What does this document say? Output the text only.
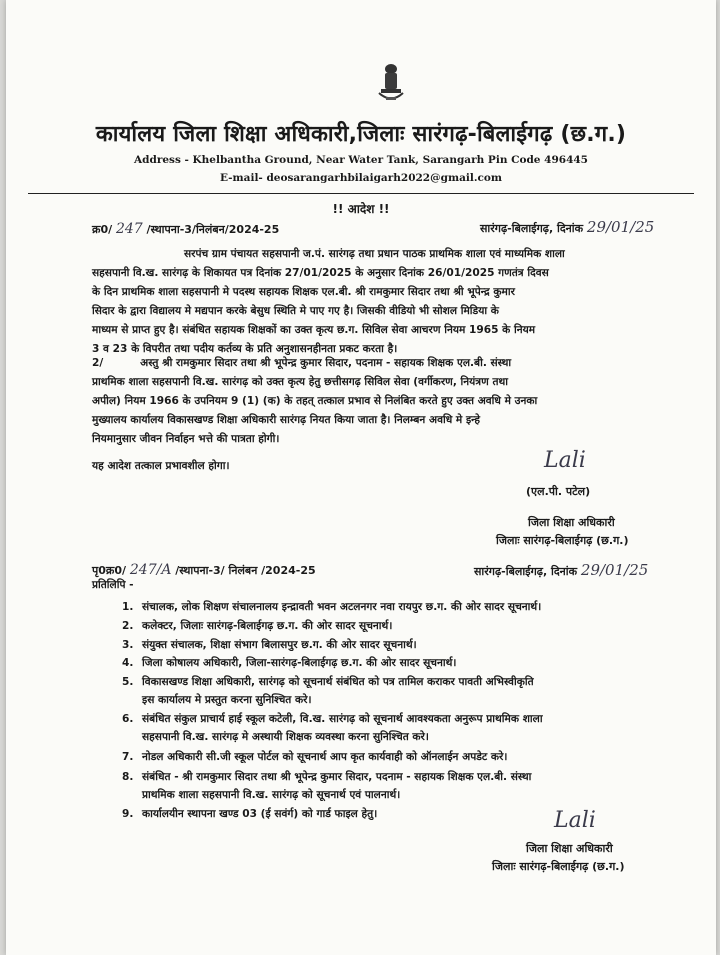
कार्यालय जिला शिक्षा अधिकारी,जिलाः सारंगढ़-बिलाईगढ़ (छ.ग.)
Address - Khelbantha Ground, Near Water Tank, Sarangarh Pin Code 496445
E-mail- deosarangarhbilaigarh2022@gmail.com
!! आदेश !!
क्र0/ 247 /स्थापना-3/निलंबन/2024-25	सारंगढ़-बिलाईगढ़, दिनांक 29/01/25
सरपंच ग्राम पंचायत सहसपानी ज.पं. सारंगढ़ तथा प्रधान पाठक प्राथमिक शाला एवं माध्यमिक शाला
सहसपानी वि.ख. सारंगढ़ के शिकायत पत्र दिनांक 27/01/2025 के अनुसार दिनांक 26/01/2025 गणतंत्र दिवस
के दिन प्राथमिक शाला सहसपानी मे पदस्थ सहायक शिक्षक एल.बी. श्री रामकुमार सिदार तथा श्री भूपेन्द्र कुमार
सिदार के द्वारा विद्यालय मे मद्यपान करके बेसुध स्थिति मे पाए गए है। जिसकी वीडियो भी सोशल मिडिया के
माध्यम से प्राप्त हुए है। संबंधित सहायक शिक्षकों का उक्त कृत्य छ.ग. सिविल सेवा आचरण नियम 1965 के नियम
3 व 23 के विपरीत तथा पदीय कर्तव्य के प्रति अनुशासनहीनता प्रकट करता है।
2/          अस्तु श्री रामकुमार सिदार तथा श्री भूपेन्द्र कुमार सिदार, पदनाम - सहायक शिक्षक एल.बी. संस्था
प्राथमिक शाला सहसपानी वि.ख. सारंगढ़ को उक्त कृत्य हेतु छत्तीसगढ़ सिविल सेवा (वर्गीकरण, नियंत्रण तथा
अपील) नियम 1966 के उपनियम 9 (1) (क) के तहत् तत्काल प्रभाव से निलंबित करते हुए उक्त अवधि मे उनका
मुख्यालय कार्यालय विकासखण्ड शिक्षा अधिकारी सारंगढ़ नियत किया जाता है। निलम्बन अवधि मे इन्हे
नियमानुसार जीवन निर्वाहन भत्ते की पात्रता होगी।
यह आदेश तत्काल प्रभावशील होगा।	Lali
(एल.पी. पटेल)
जिला शिक्षा अधिकारी
जिलाः सारंगढ़-बिलाईगढ़ (छ.ग.)
पृ0क्र0/ 247/A /स्थापना-3/ निलंबन /2024-25	सारंगढ़-बिलाईगढ़, दिनांक 29/01/25
प्रतिलिपि -
1. संचालक, लोक शिक्षण संचालनालय इन्द्रावती भवन अटलनगर नवा रायपुर छ.ग. की ओर सादर सूचनार्थ।
2. कलेक्टर, जिलाः सारंगढ़-बिलाईगढ़ छ.ग. की ओर सादर सूचनार्थ।
3. संयुक्त संचालक, शिक्षा संभाग बिलासपुर छ.ग. की ओर सादर सूचनार्थ।
4. जिला कोषालय अधिकारी, जिला-सारंगढ़-बिलाईगढ़ छ.ग. की ओर सादर सूचनार्थ।
5. विकासखण्ड शिक्षा अधिकारी, सारंगढ़ को सूचनार्थ संबंधित को पत्र तामिल कराकर पावती अभिस्वीकृति
इस कार्यालय मे प्रस्तुत करना सुनिश्चित करे।
6. संबंधित संकुल प्राचार्य हाई स्कूल कटेली, वि.ख. सारंगढ़ को सूचनार्थ आवश्यकता अनुरूप प्राथमिक शाला
सहसपानी वि.ख. सारंगढ़ मे अस्थायी शिक्षक व्यवस्था करना सुनिश्चित करे।
7. नोडल अधिकारी सी.जी स्कूल पोर्टल को सूचनार्थ आप कृत कार्यवाही को ऑनलाईन अपडेट करे।
8. संबंधित - श्री रामकुमार सिदार तथा श्री भूपेन्द्र कुमार सिदार, पदनाम - सहायक शिक्षक एल.बी. संस्था
प्राथमिक शाला सहसपानी वि.ख. सारंगढ़ को सूचनार्थ एवं पालनार्थ।
9. कार्यालयीन स्थापना खण्ड 03 (ई सवंर्ग) को गार्ड फाइल हेतु।	Lali
जिला शिक्षा अधिकारी
जिलाः सारंगढ़-बिलाईगढ़ (छ.ग.)
